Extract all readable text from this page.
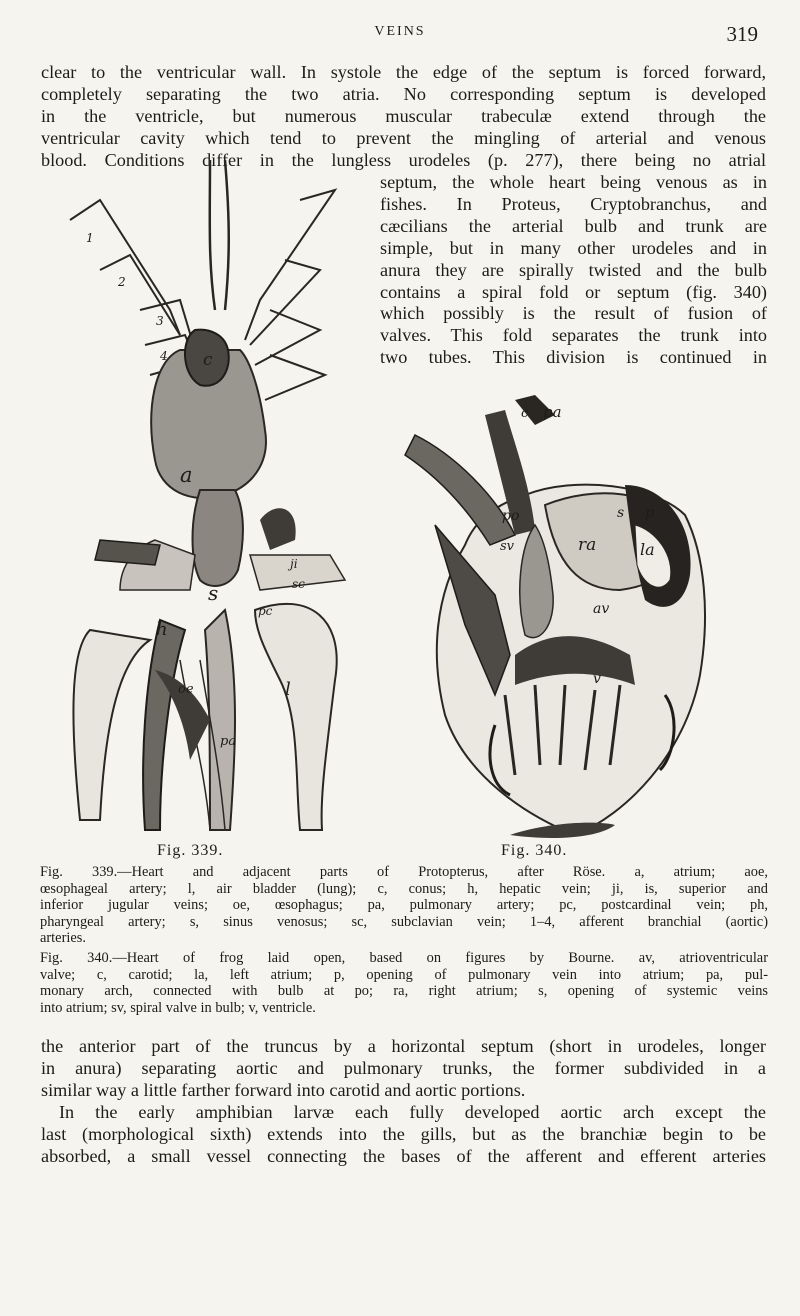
VEINS	319

clear to the ventricular wall. In systole the edge of the septum is forced forward,
completely separating the two atria. No corresponding septum is developed
in the ventricle, but numerous muscular trabeculæ extend through the
ventricular cavity which tend to prevent the mingling of arterial and venous
blood. Conditions differ in the lungless urodeles (p. 277), there being no atrial

septum, the whole heart being venous as in
fishes. In Proteus, Cryptobranchus, and
cæcilians the arterial bulb and trunk are
simple, but in many other urodeles and in
anura they are spirally twisted and the bulb
contains a spiral fold or septum (fig. 340)
which possibly is the result of fusion of
valves. This fold separates the trunk into
two tubes. This division is continued in

c
a
s
h
l
oe
pa
pc
sc
ji
1
2
3
4
c pa
po	s p
ra	la
sv
av
v
Fig. 339.	Fig. 340.

Fig. 339.—Heart and adjacent parts of Protopterus, after Röse. a, atrium; aoe,
œsophageal artery; l, air bladder (lung); c, conus; h, hepatic vein; ji, is, superior and
inferior jugular veins; oe, œsophagus; pa, pulmonary artery; pc, postcardinal vein; ph,
pharyngeal artery; s, sinus venosus; sc, subclavian vein; 1–4, afferent branchial (aortic)
arteries.

Fig. 340.—Heart of frog laid open, based on figures by Bourne. av, atrioventricular
valve; c, carotid; la, left atrium; p, opening of pulmonary vein into atrium; pa, pul-
monary arch, connected with bulb at po; ra, right atrium; s, opening of systemic veins
into atrium; sv, spiral valve in bulb; v, ventricle.

the anterior part of the truncus by a horizontal septum (short in urodeles, longer
in anura) separating aortic and pulmonary trunks, the former subdivided in a
similar way a little farther forward into carotid and aortic portions.
In the early amphibian larvæ each fully developed aortic arch except the
last (morphological sixth) extends into the gills, but as the branchiæ begin to be
absorbed, a small vessel connecting the bases of the afferent and efferent arteries
